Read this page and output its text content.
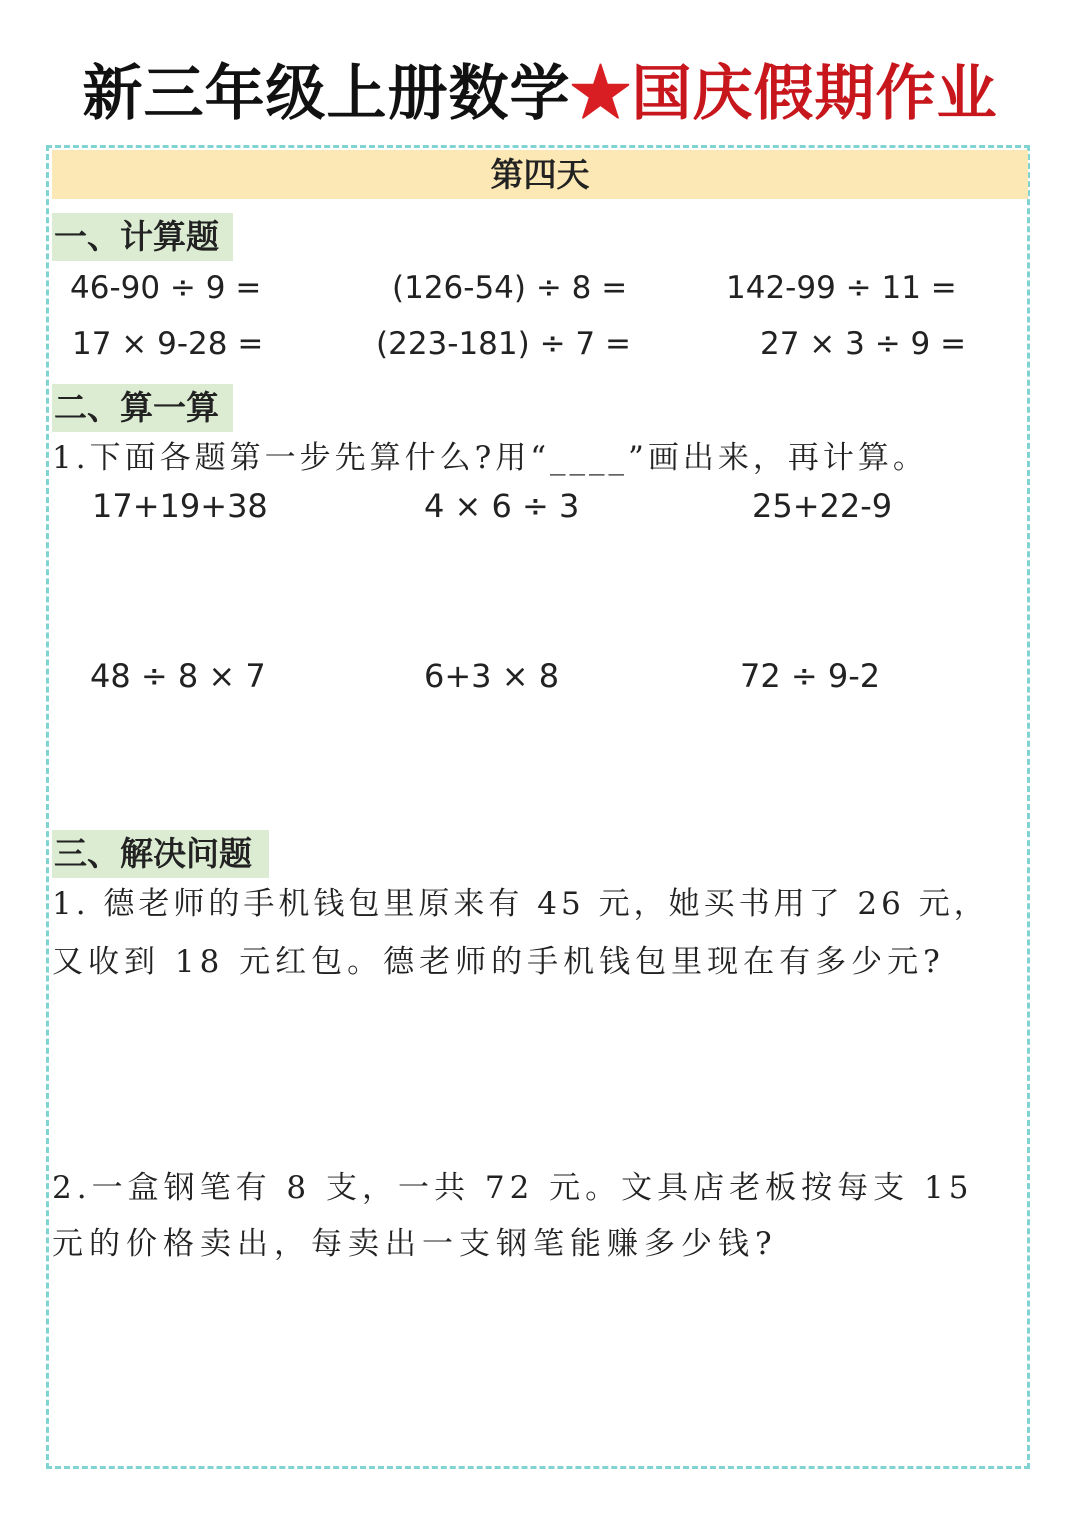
新三年级上册数学★国庆假期作业
第四天
一、计算题
46-90 ÷ 9 =	(126-54) ÷ 8 =	142-99 ÷ 11 =
17 × 9-28 =	(223-181) ÷ 7 =	27 × 3 ÷ 9 =
二、算一算
1.下面各题第一步先算什么?用“____”画出来，再计算。
17+19+38	4 × 6 ÷ 3	25+22-9
48 ÷ 8 × 7	6+3 × 8	72 ÷ 9-2
三、解决问题
1. 德老师的手机钱包里原来有 45 元，她买书用了 26 元，
又收到 18 元红包。德老师的手机钱包里现在有多少元?
2.一盒钢笔有 8 支，一共 72 元。文具店老板按每支 15
元的价格卖出，每卖出一支钢笔能赚多少钱?
